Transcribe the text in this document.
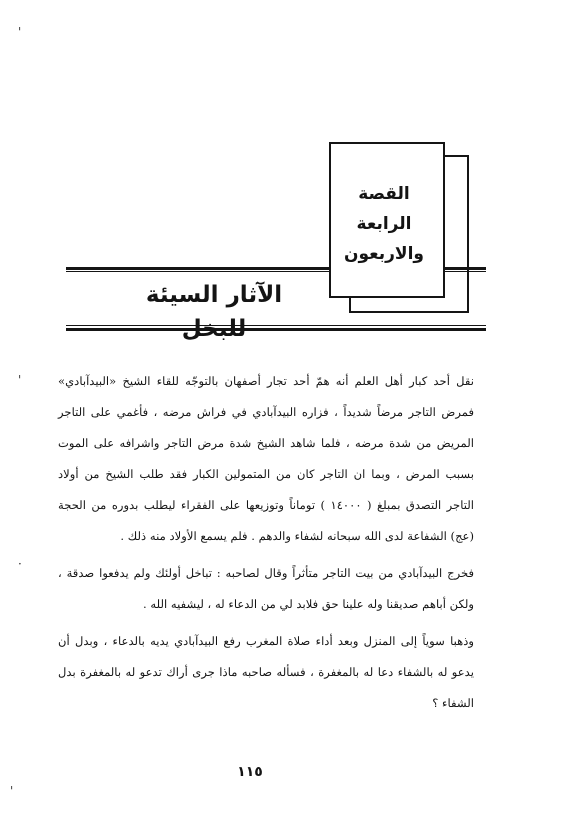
'
'
·
'
القصة
الرابعة
والاربعون
الآثار السيئة

نقل أحد كبار أهل العلم أنه همّ أحد تجار أصفهان بالتوجّه للقاء الشيخ «البيدآبادي» فمرض التاجر مرضاً شديداً ، فزاره البيدآبادي في فراش مرضه ، فأغمي على التاجر المريض من شدة مرضه ، فلما شاهد الشيخ شدة مرض التاجر واشرافه على الموت بسبب المرض ، وبما ان التاجر كان من المتمولين الكبار فقد طلب الشيخ من أولاد التاجر التصدق بمبلغ ( ١٤٠٠٠ ) توماناً وتوزيعها على الفقراء ليطلب بدوره من الحجة (عج) الشفاعة لدى الله سبحانه لشفاء والدهم . فلم يسمع الأولاد منه ذلك .

فخرج البيدآبادي من بيت التاجر متأثراً وقال لصاحبه : تباخل أولئك ولم يدفعوا صدقة ، ولكن أباهم صديقنا وله علينا حق فلابد لي من الدعاء له ، ليشفيه الله .

وذهبا سوياً إلى المنزل وبعد أداء صلاة المغرب رفع البيدآبادي يديه بالدعاء ، وبدل أن يدعو له بالشفاء دعا له بالمغفرة ، فسأله صاحبه ماذا جرى أراك تدعو له بالمغفرة بدل الشفاء ؟

١١٥
